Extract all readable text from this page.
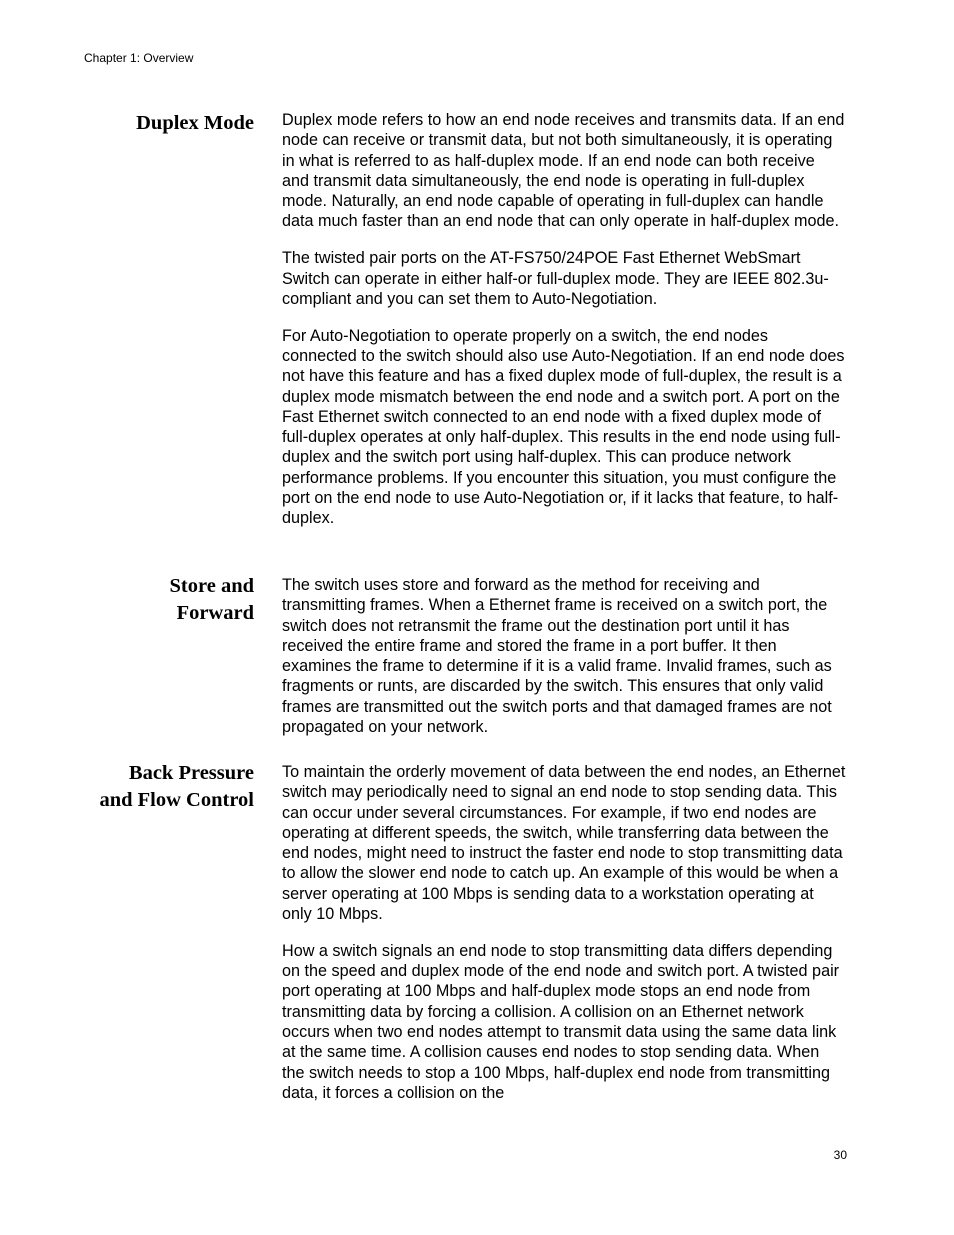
Chapter 1: Overview
Duplex Mode Duplex mode refers to how an end node receives and transmits data. If an end node can receive or transmit data, but not both simultaneously, it is operating in what is referred to as half-duplex mode. If an end node can both receive and transmit data simultaneously, the end node is operating in full-duplex mode. Naturally, an end node capable of operating in full-duplex can handle data much faster than an end node that can only operate in half-duplex mode.

The twisted pair ports on the AT-FS750/24POE Fast Ethernet WebSmart Switch can operate in either half-or full-duplex mode. They are IEEE 802.3u-compliant and you can set them to Auto-Negotiation.

For Auto-Negotiation to operate properly on a switch, the end nodes connected to the switch should also use Auto-Negotiation. If an end node does not have this feature and has a fixed duplex mode of full-duplex, the result is a duplex mode mismatch between the end node and a switch port. A port on the Fast Ethernet switch connected to an end node with a fixed duplex mode of full-duplex operates at only half-duplex. This results in the end node using full-duplex and the switch port using half-duplex. This can produce network performance problems. If you encounter this situation, you must configure the port on the end node to use Auto-Negotiation or, if it lacks that feature, to half-duplex.

Store and
Forward

The switch uses store and forward as the method for receiving and transmitting frames. When a Ethernet frame is received on a switch port, the switch does not retransmit the frame out the destination port until it has received the entire frame and stored the frame in a port buffer. It then examines the frame to determine if it is a valid frame. Invalid frames, such as fragments or runts, are discarded by the switch. This ensures that only valid frames are transmitted out the switch ports and that damaged frames are not propagated on your network.

Back Pressure
and Flow Control

To maintain the orderly movement of data between the end nodes, an Ethernet switch may periodically need to signal an end node to stop sending data. This can occur under several circumstances. For example, if two end nodes are operating at different speeds, the switch, while transferring data between the end nodes, might need to instruct the faster end node to stop transmitting data to allow the slower end node to catch up. An example of this would be when a server operating at 100 Mbps is sending data to a workstation operating at only 10 Mbps.

How a switch signals an end node to stop transmitting data differs depending on the speed and duplex mode of the end node and switch port. A twisted pair port operating at 100 Mbps and half-duplex mode stops an end node from transmitting data by forcing a collision. A collision on an Ethernet network occurs when two end nodes attempt to transmit data using the same data link at the same time. A collision causes end nodes to stop sending data. When the switch needs to stop a 100 Mbps, half-duplex end node from transmitting data, it forces a collision on the

30
